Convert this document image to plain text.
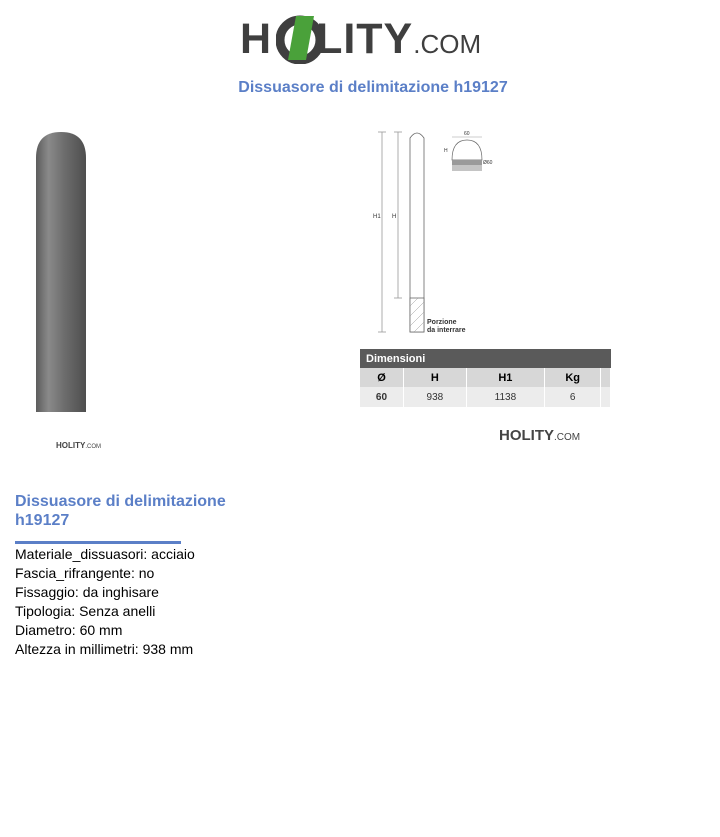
H LITY.COM
Dissuasore di delimitazione h19127
HOLITY.COM
H1 H
Porzione
da interrare
60
H
Ø60
Dimensioni				
Ø	H	H1	Kg	
60	938	1138	6	
HOLITY.COM
Dissuasore di delimitazione h19127
Materiale_dissuasori: acciaio
Fascia_rifrangente: no
Fissaggio: da inghisare
Tipologia: Senza anelli
Diametro: 60 mm
Altezza in millimetri: 938 mm
